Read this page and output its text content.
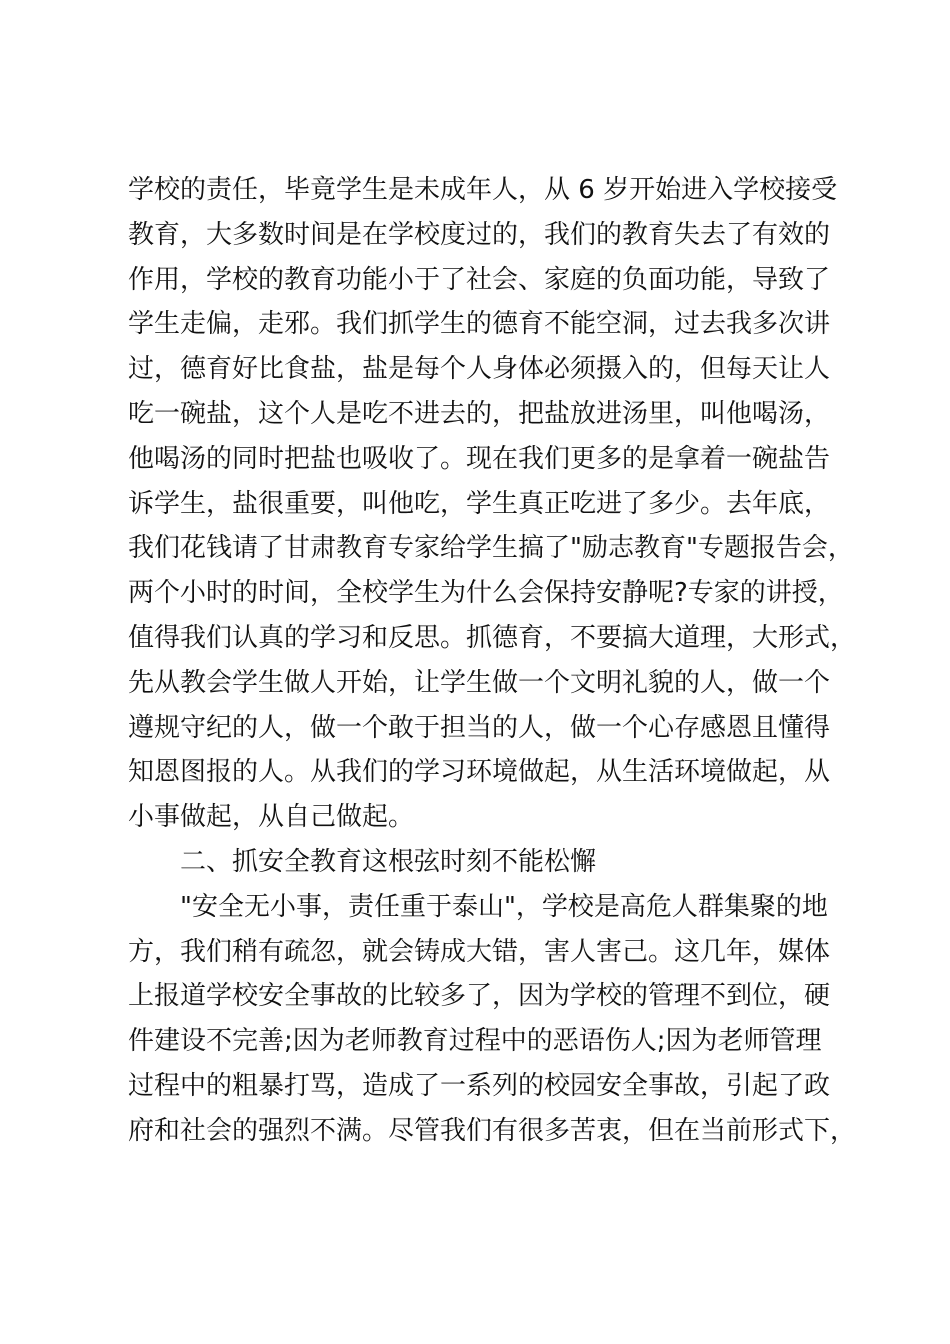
学校的责任，毕竟学生是未成年人，从 6 岁开始进入学校接受
教育，大多数时间是在学校度过的，我们的教育失去了有效的
作用，学校的教育功能小于了社会、家庭的负面功能，导致了
学生走偏，走邪。我们抓学生的德育不能空洞，过去我多次讲
过，德育好比食盐，盐是每个人身体必须摄入的，但每天让人
吃一碗盐，这个人是吃不进去的，把盐放进汤里，叫他喝汤，
他喝汤的同时把盐也吸收了。现在我们更多的是拿着一碗盐告
诉学生，盐很重要，叫他吃，学生真正吃进了多少。去年底，
我们花钱请了甘肃教育专家给学生搞了"励志教育"专题报告会，
两个小时的时间，全校学生为什么会保持安静呢?专家的讲授，
值得我们认真的学习和反思。抓德育，不要搞大道理，大形式，
先从教会学生做人开始，让学生做一个文明礼貌的人，做一个
遵规守纪的人，做一个敢于担当的人，做一个心存感恩且懂得
知恩图报的人。从我们的学习环境做起，从生活环境做起，从
小事做起，从自己做起。
二、抓安全教育这根弦时刻不能松懈
"安全无小事，责任重于泰山"，学校是高危人群集聚的地
方，我们稍有疏忽，就会铸成大错，害人害己。这几年，媒体
上报道学校安全事故的比较多了，因为学校的管理不到位，硬
件建设不完善;因为老师教育过程中的恶语伤人;因为老师管理
过程中的粗暴打骂，造成了一系列的校园安全事故，引起了政
府和社会的强烈不满。尽管我们有很多苦衷，但在当前形式下，
